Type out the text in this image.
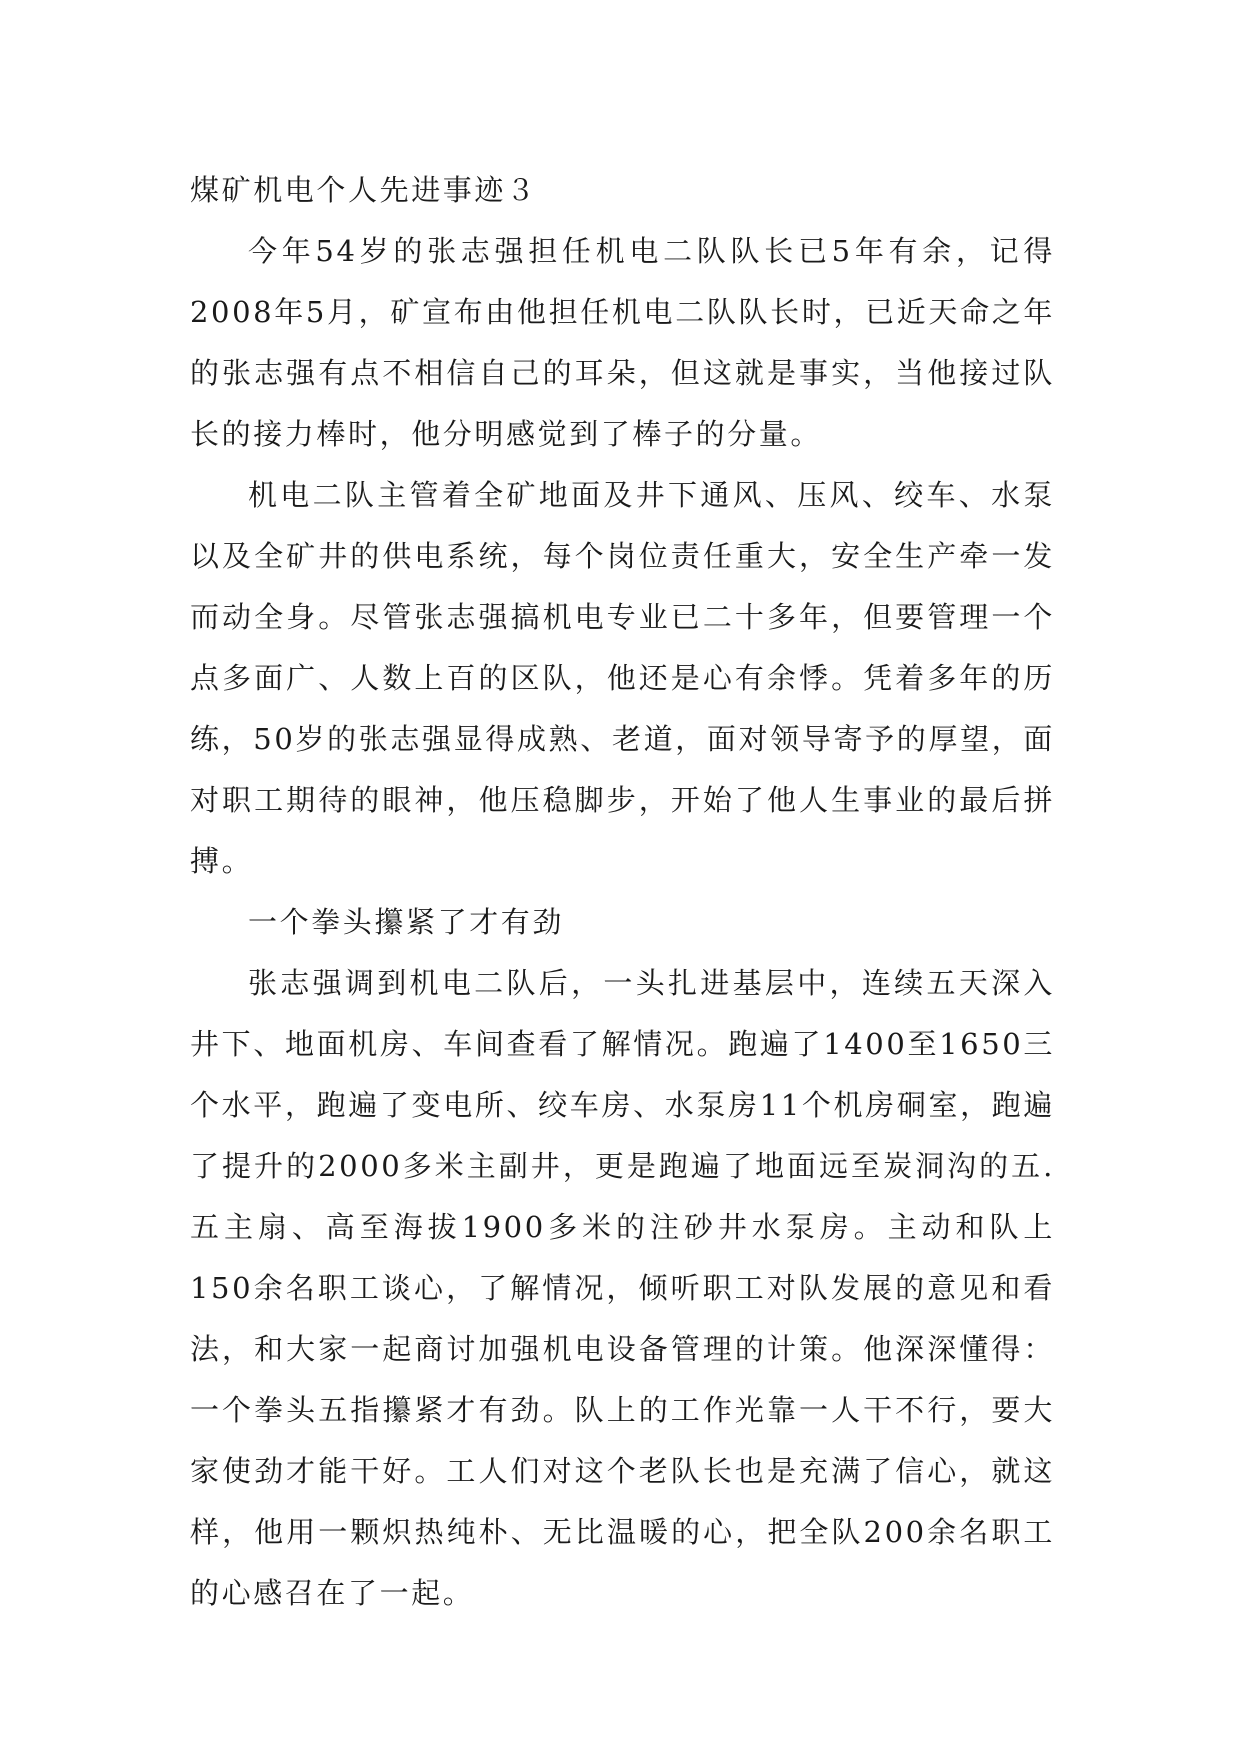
煤矿机电个人先进事迹３

今年54岁的张志强担任机电二队队长已5年有余，记得2008年5月，矿宣布由他担任机电二队队长时，已近天命之年的张志强有点不相信自己的耳朵，但这就是事实，当他接过队长的接力棒时，他分明感觉到了棒子的分量。

机电二队主管着全矿地面及井下通风、压风、绞车、水泵以及全矿井的供电系统，每个岗位责任重大，安全生产牵一发而动全身。尽管张志强搞机电专业已二十多年，但要管理一个点多面广、人数上百的区队，他还是心有余悸。凭着多年的历练，50岁的张志强显得成熟、老道，面对领导寄予的厚望，面对职工期待的眼神，他压稳脚步，开始了他人生事业的最后拼搏。

一个拳头攥紧了才有劲

张志强调到机电二队后，一头扎进基层中，连续五天深入井下、地面机房、车间查看了解情况。跑遍了1400至1650三个水平，跑遍了变电所、绞车房、水泵房11个机房硐室，跑遍了提升的2000多米主副井，更是跑遍了地面远至炭洞沟的五.五主扇、高至海拔1900多米的注砂井水泵房。主动和队上150余名职工谈心，了解情况，倾听职工对队发展的意见和看法，和大家一起商讨加强机电设备管理的计策。他深深懂得：一个拳头五指攥紧才有劲。队上的工作光靠一人干不行，要大家使劲才能干好。工人们对这个老队长也是充满了信心，就这样，他用一颗炽热纯朴、无比温暖的心，把全队200余名职工的心感召在了一起。
